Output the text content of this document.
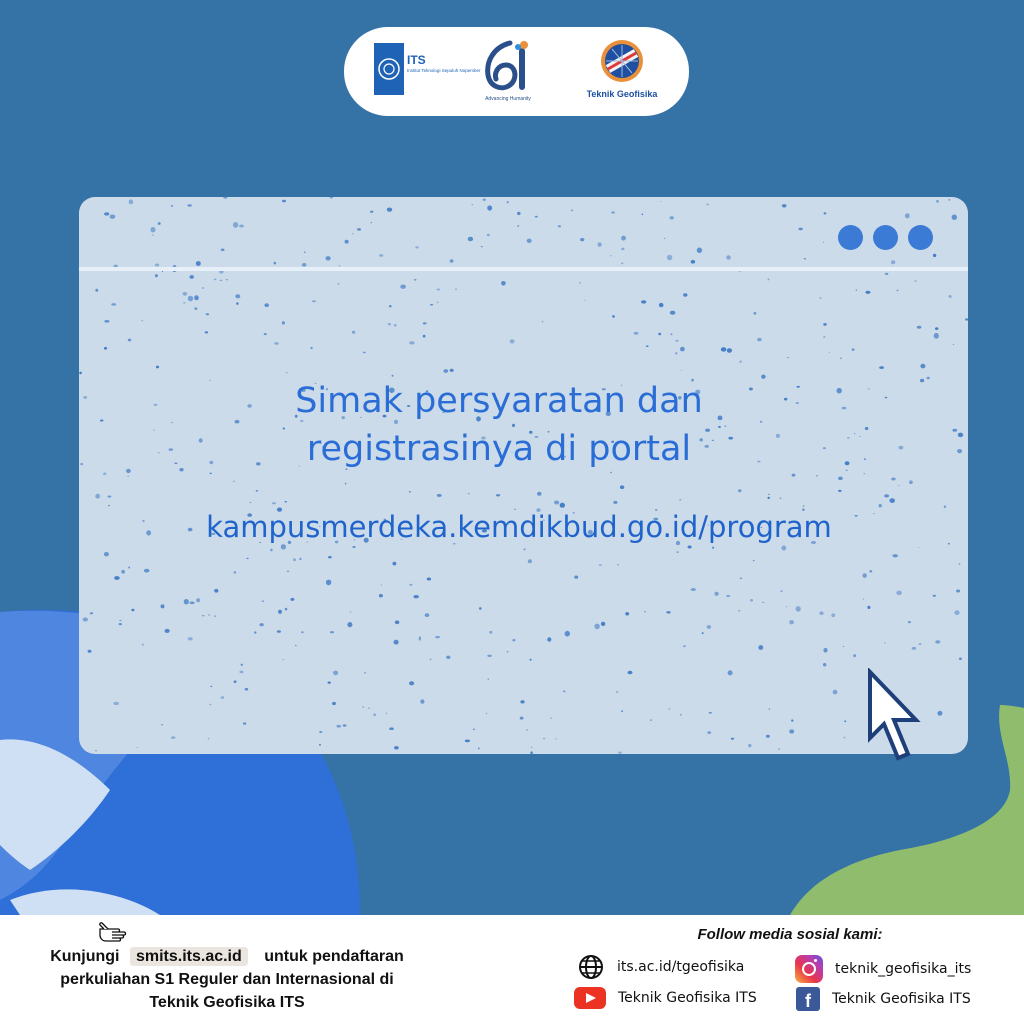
ITS
Institut Teknologi Sepuluh Nopember
Advancing Humanity	Teknik Geofisika
Simak persyaratan dan
registrasinya di portal
kampusmerdeka.kemdikbud.go.id/program
Kunjungi smits.its.ac.id untuk pendaftaran
perkuliahan S1 Reguler dan Internasional di
Teknik Geofisika ITS
Follow media sosial kami:
its.ac.id/tgeofisika	teknik_geofisika_its
Teknik Geofisika ITS	f	Teknik Geofisika ITS
